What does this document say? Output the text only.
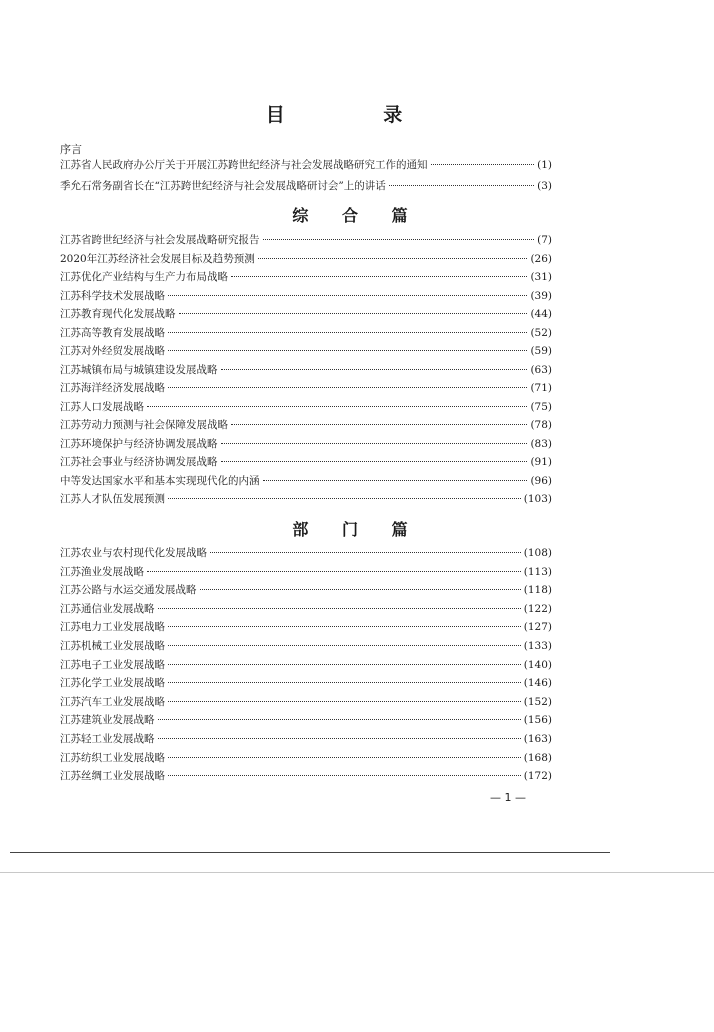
目 录
序言
江苏省人民政府办公厅关于开展江苏跨世纪经济与社会发展战略研究工作的通知	(1)
季允石常务副省长在“江苏跨世纪经济与社会发展战略研讨会”上的讲话	(3)
综 合 篇
江苏省跨世纪经济与社会发展战略研究报告	(7)
2020年江苏经济社会发展目标及趋势预测	(26)
江苏优化产业结构与生产力布局战略	(31)
江苏科学技术发展战略	(39)
江苏教育现代化发展战略	(44)
江苏高等教育发展战略	(52)
江苏对外经贸发展战略	(59)
江苏城镇布局与城镇建设发展战略	(63)
江苏海洋经济发展战略	(71)
江苏人口发展战略	(75)
江苏劳动力预测与社会保障发展战略	(78)
江苏环境保护与经济协调发展战略	(83)
江苏社会事业与经济协调发展战略	(91)
中等发达国家水平和基本实现现代化的内涵	(96)
江苏人才队伍发展预测	(103)
部 门 篇
江苏农业与农村现代化发展战略	(108)
江苏渔业发展战略	(113)
江苏公路与水运交通发展战略	(118)
江苏通信业发展战略	(122)
江苏电力工业发展战略	(127)
江苏机械工业发展战略	(133)
江苏电子工业发展战略	(140)
江苏化学工业发展战略	(146)
江苏汽车工业发展战略	(152)
江苏建筑业发展战略	(156)
江苏轻工业发展战略	(163)
江苏纺织工业发展战略	(168)
江苏丝绸工业发展战略	(172)
— 1 —
